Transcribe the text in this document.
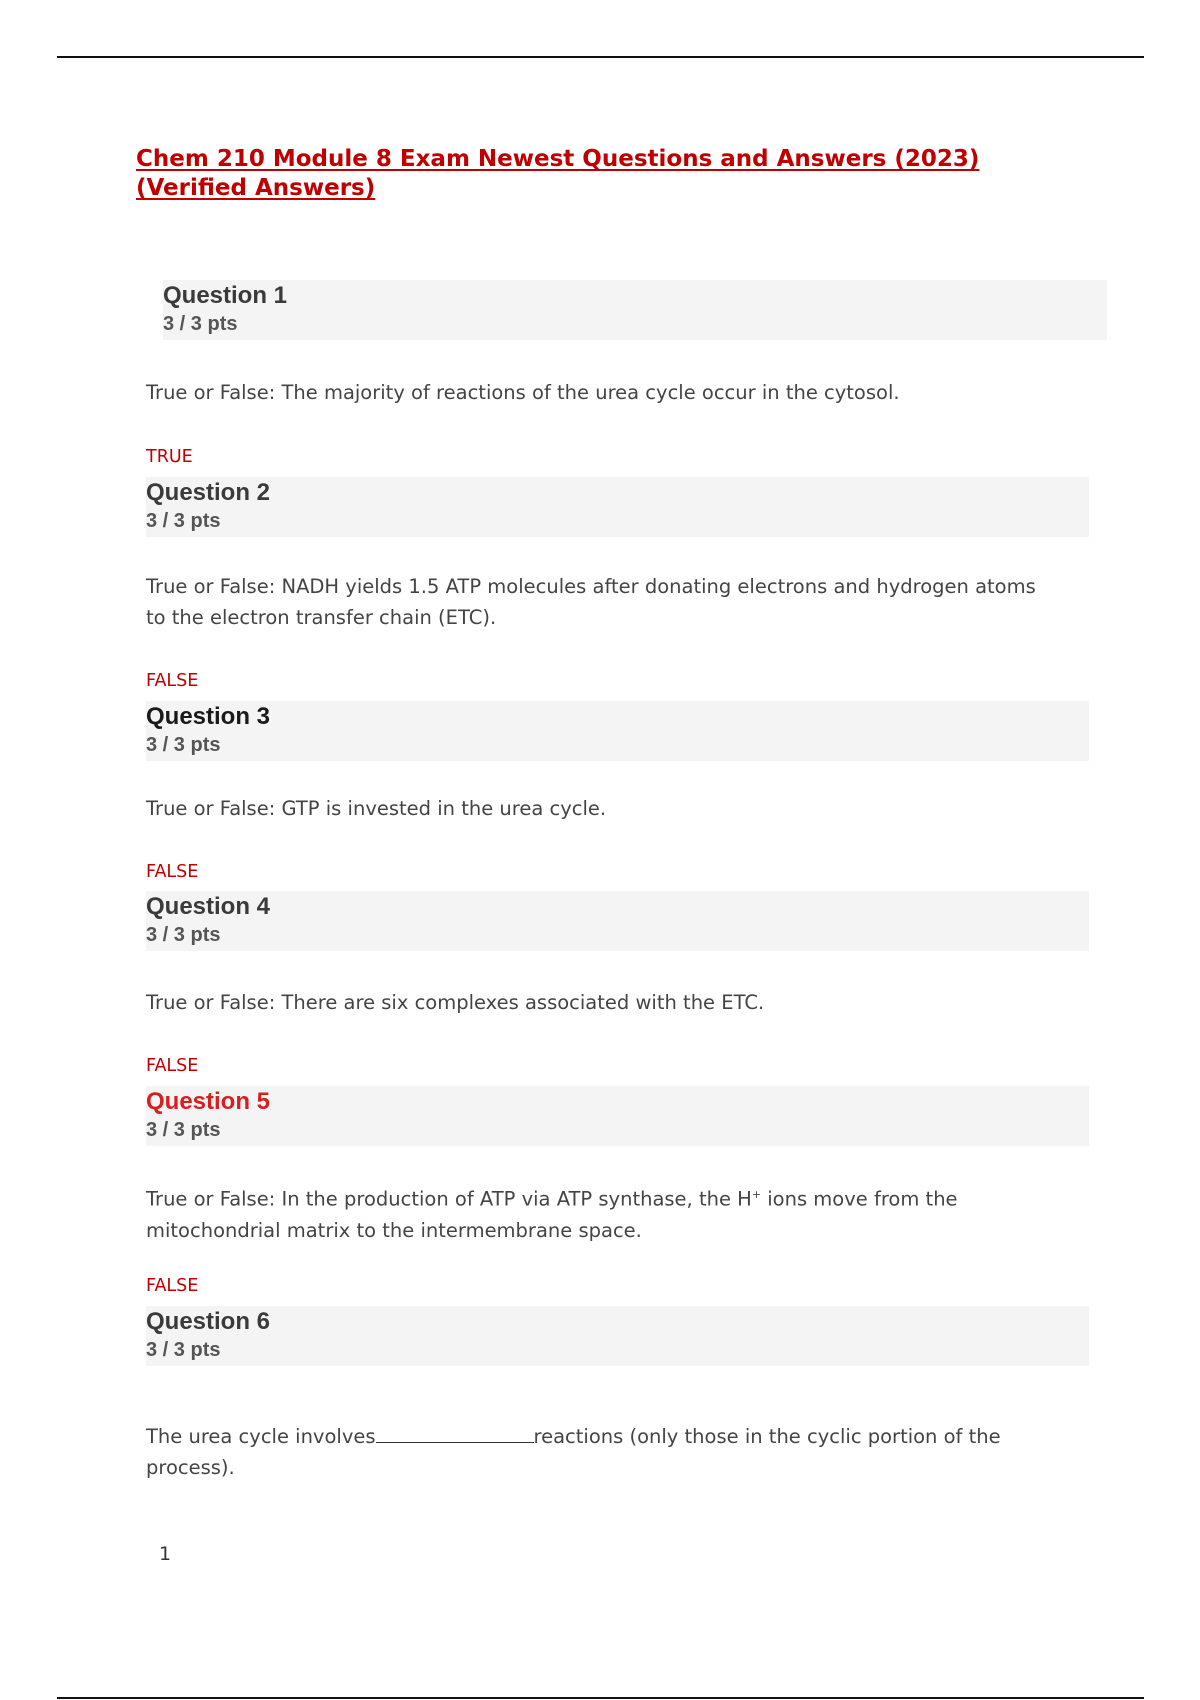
Chem 210 Module 8 Exam Newest Questions and Answers (2023)
(Verified Answers)
Question 1
3 / 3 pts
True or False: The majority of reactions of the urea cycle occur in the cytosol.
TRUE
Question 2
3 / 3 pts
True or False: NADH yields 1.5 ATP molecules after donating electrons and hydrogen atoms
to the electron transfer chain (ETC).
FALSE
Question 3
3 / 3 pts
True or False: GTP is invested in the urea cycle.
FALSE
Question 4
3 / 3 pts
True or False: There are six complexes associated with the ETC.
FALSE
Question 5
3 / 3 pts
True or False: In the production of ATP via ATP synthase, the H+ ions move from the
mitochondrial matrix to the intermembrane space.
FALSE
Question 6
3 / 3 pts
The urea cycle involves	reactions (only those in the cyclic portion of the
process).
1
